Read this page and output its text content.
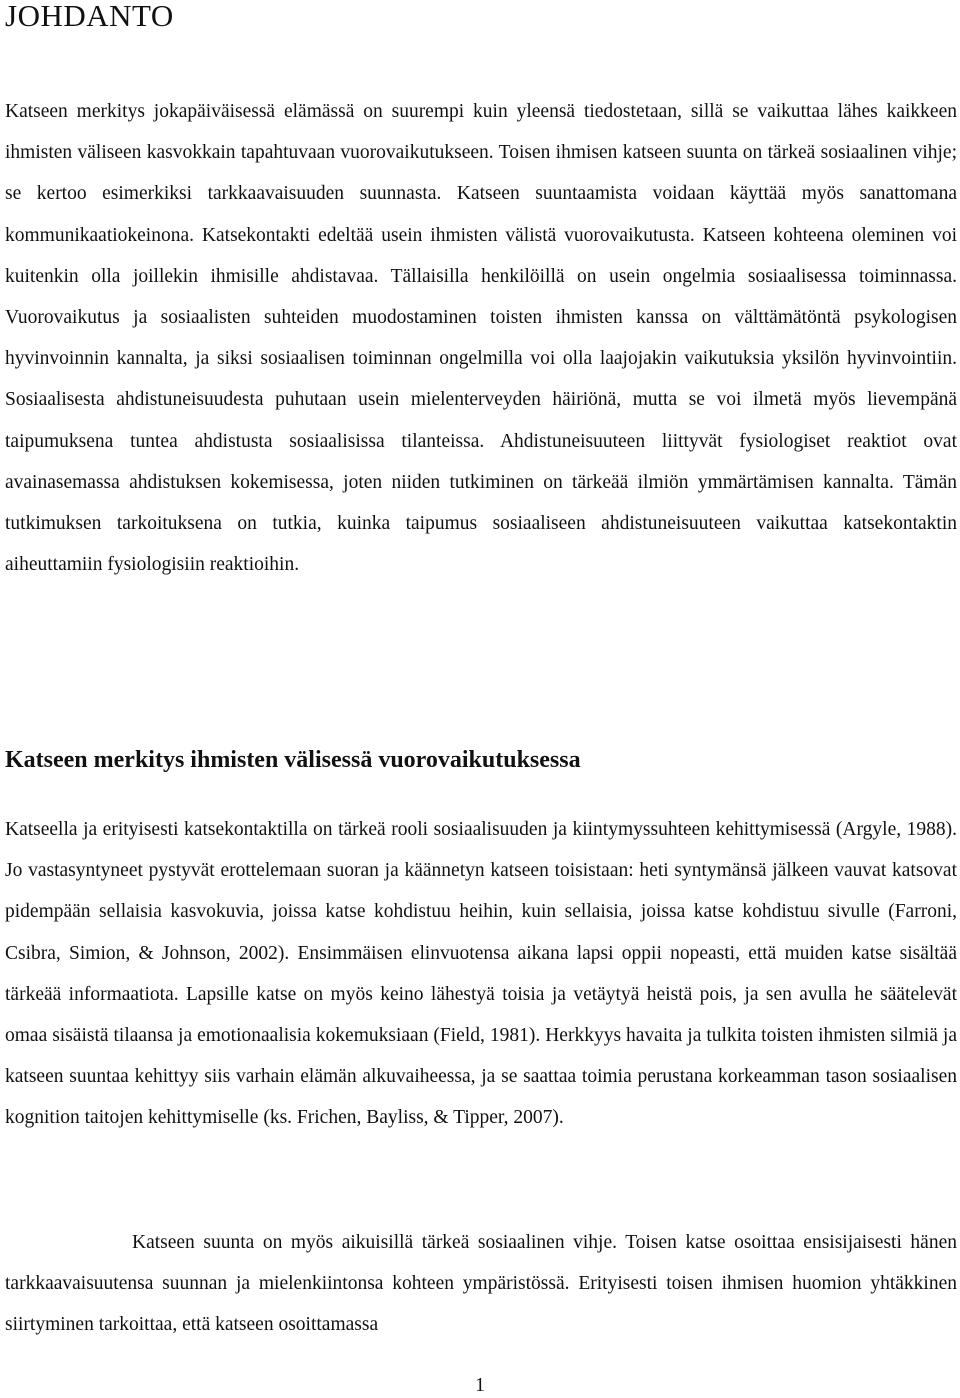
JOHDANTO

Katseen merkitys jokapäiväisessä elämässä on suurempi kuin yleensä tiedostetaan, sillä se vaikuttaa lähes kaikkeen ihmisten väliseen kasvokkain tapahtuvaan vuorovaikutukseen. Toisen ihmisen katseen suunta on tärkeä sosiaalinen vihje; se kertoo esimerkiksi tarkkaavaisuuden suunnasta. Katseen suuntaamista voidaan käyttää myös sanattomana kommunikaatiokeinona. Katsekontakti edeltää usein ihmisten välistä vuorovaikutusta. Katseen kohteena oleminen voi kuitenkin olla joillekin ihmisille ahdistavaa. Tällaisilla henkilöillä on usein ongelmia sosiaalisessa toiminnassa. Vuorovaikutus ja sosiaalisten suhteiden muodostaminen toisten ihmisten kanssa on välttämätöntä psykologisen hyvinvoinnin kannalta, ja siksi sosiaalisen toiminnan ongelmilla voi olla laajojakin vaikutuksia yksilön hyvinvointiin. Sosiaalisesta ahdistuneisuudesta puhutaan usein mielenterveyden häiriönä, mutta se voi ilmetä myös lievempänä taipumuksena tuntea ahdistusta sosiaalisissa tilanteissa. Ahdistuneisuuteen liittyvät fysiologiset reaktiot ovat avainasemassa ahdistuksen kokemisessa, joten niiden tutkiminen on tärkeää ilmiön ymmärtämisen kannalta. Tämän tutkimuksen tarkoituksena on tutkia, kuinka taipumus sosiaaliseen ahdistuneisuuteen vaikuttaa katsekontaktin aiheuttamiin fysiologisiin reaktioihin.

Katseen merkitys ihmisten välisessä vuorovaikutuksessa

Katseella ja erityisesti katsekontaktilla on tärkeä rooli sosiaalisuuden ja kiintymyssuhteen kehittymisessä (Argyle, 1988). Jo vastasyntyneet pystyvät erottelemaan suoran ja käännetyn katseen toisistaan: heti syntymänsä jälkeen vauvat katsovat pidempään sellaisia kasvokuvia, joissa katse kohdistuu heihin, kuin sellaisia, joissa katse kohdistuu sivulle (Farroni, Csibra, Simion, & Johnson, 2002). Ensimmäisen elinvuotensa aikana lapsi oppii nopeasti, että muiden katse sisältää tärkeää informaatiota. Lapsille katse on myös keino lähestyä toisia ja vetäytyä heistä pois, ja sen avulla he säätelevät omaa sisäistä tilaansa ja emotionaalisia kokemuksiaan (Field, 1981). Herkkyys havaita ja tulkita toisten ihmisten silmiä ja katseen suuntaa kehittyy siis varhain elämän alkuvaiheessa, ja se saattaa toimia perustana korkeamman tason sosiaalisen kognition taitojen kehittymiselle (ks. Frichen, Bayliss, & Tipper, 2007).

Katseen suunta on myös aikuisillä tärkeä sosiaalinen vihje. Toisen katse osoittaa ensisijaisesti hänen tarkkaavaisuutensa suunnan ja mielenkiintonsa kohteen ympäristössä. Erityisesti toisen ihmisen huomion yhtäkkinen siirtyminen tarkoittaa, että katseen osoittamassa

1
